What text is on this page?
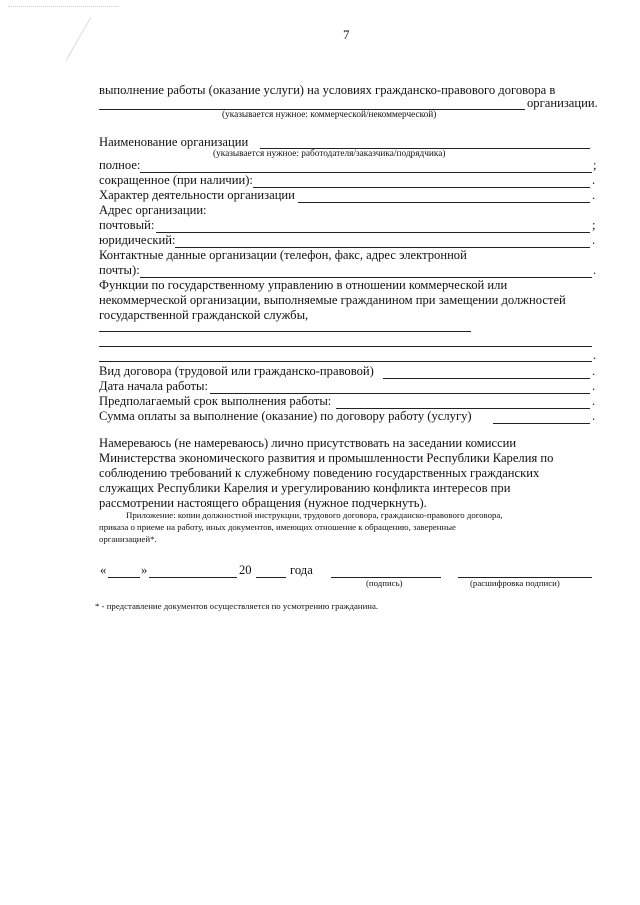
7
выполнение работы (оказание услуги) на условиях гражданско-правового договора в
организации.
(указывается нужное: коммерческой/некоммерческой)
Наименование организации
(указывается нужное: работодателя/заказчика/подрядчика)
полное:	;
сокращенное (при наличии):	.
Характер деятельности организации	.
Адрес организации:
почтовый:	;
юридический:	.
Контактные данные организации (телефон, факс, адрес электронной
почты):	.
Функции по государственному управлению в отношении коммерческой или
некоммерческой организации, выполняемые гражданином при замещении должностей
государственной гражданской службы,
.
Вид договора (трудовой или гражданско-правовой)	.
Дата начала работы:	.
Предполагаемый срок выполнения работы:	.
Сумма оплаты за выполнение (оказание) по договору работу (услугу)	.
Намереваюсь (не намереваюсь) лично присутствовать на заседании комиссии
Министерства экономического развития и промышленности Республики Карелия по
соблюдению требований к служебному поведению государственных гражданских
служащих Республики Карелия и урегулированию конфликта интересов при
рассмотрении настоящего обращения (нужное подчеркнуть).
Приложение: копии должностной инструкции, трудового договора, гражданско-правового договора,
приказа о приеме на работу, иных документов, имеющих отношение к обращению, заверенные
организацией*.
«	»	20	года
(подпись)	(расшифровка подписи)
* - представление документов осуществляется по усмотрению гражданина.
